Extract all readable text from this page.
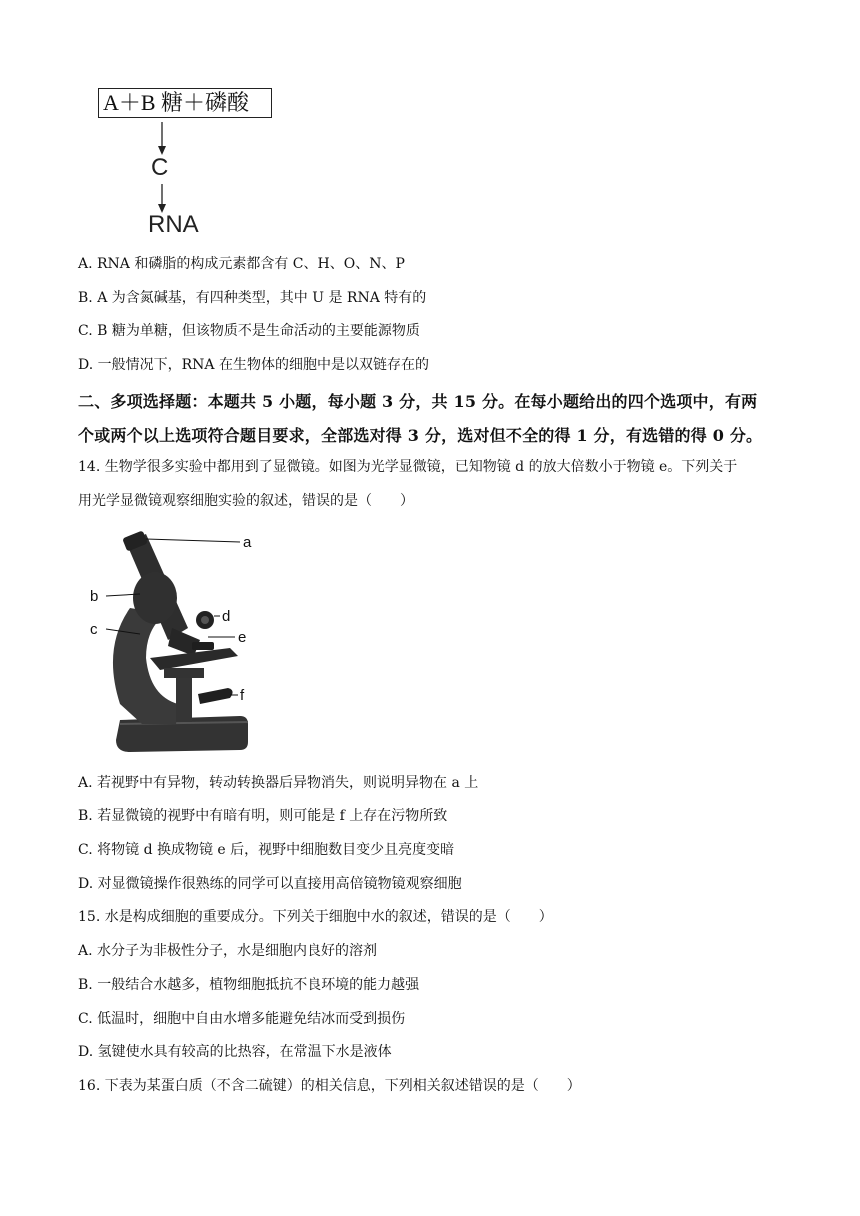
A＋B 糖＋磷酸
C
RNA
A. RNA 和磷脂的构成元素都含有 C、H、O、N、P
B. A 为含氮碱基，有四种类型，其中 U 是 RNA 特有的
C. B 糖为单糖，但该物质不是生命活动的主要能源物质
D. 一般情况下，RNA 在生物体的细胞中是以双链存在的
二、多项选择题：本题共 5 小题，每小题 3 分，共 15 分。在每小题给出的四个选项中，有两
个或两个以上选项符合题目要求，全部选对得 3 分，选对但不全的得 1 分，有选错的得 0 分。
14. 生物学很多实验中都用到了显微镜。如图为光学显微镜，已知物镜 d 的放大倍数小于物镜 e。下列关于
用光学显微镜观察细胞实验的叙述，错误的是（　　）
a
b
c
d
e
f
A. 若视野中有异物，转动转换器后异物消失，则说明异物在 a 上
B. 若显微镜的视野中有暗有明，则可能是 f 上存在污物所致
C. 将物镜 d 换成物镜 e 后，视野中细胞数目变少且亮度变暗
D. 对显微镜操作很熟练的同学可以直接用高倍镜物镜观察细胞
15. 水是构成细胞的重要成分。下列关于细胞中水的叙述，错误的是（　　）
A. 水分子为非极性分子，水是细胞内良好的溶剂
B. 一般结合水越多，植物细胞抵抗不良环境的能力越强
C. 低温时，细胞中自由水增多能避免结冰而受到损伤
D. 氢键使水具有较高的比热容，在常温下水是液体
16. 下表为某蛋白质（不含二硫键）的相关信息，下列相关叙述错误的是（　　）
